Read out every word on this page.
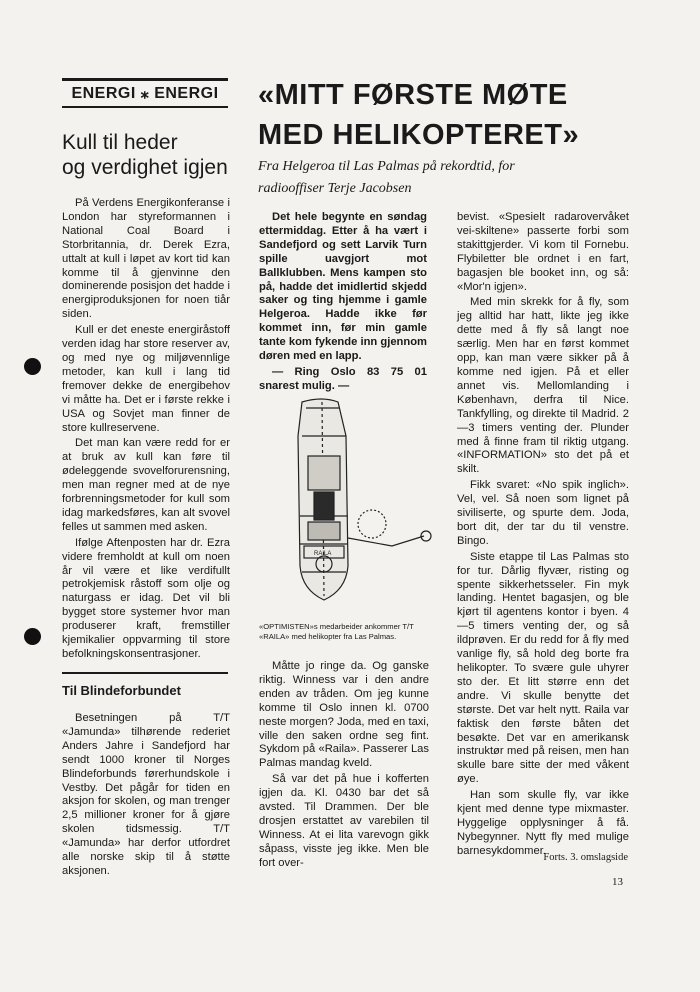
ENERGI ⁎ ENERGI
Kull til heder
og verdighet igjen

På Verdens Energikonferanse i London har styreformannen i National Coal Board i Storbritannia, dr. Derek Ezra, uttalt at kull i løpet av kort tid kan komme til å gjenvinne den dominerende posisjon det hadde i energiproduksjonen for noen tiår siden.

Kull er det eneste energiråstoff verden idag har store reserver av, og med nye og miljøvennlige metoder, kan kull i lang tid fremover dekke de energibehov vi måtte ha. Det er i første rekke i USA og Sovjet man finner de store kullreservene.

Det man kan være redd for er at bruk av kull kan føre til ødeleggende svovelforurensning, men man regner med at de nye forbrenningsmetoder for kull som idag markedsføres, kan alt svovel felles ut sammen med asken.

Ifølge Aftenposten har dr. Ezra videre fremholdt at kull om noen år vil være et like verdifullt petrokjemisk råstoff som olje og naturgass er idag. Det vil bli bygget store systemer hvor man produserer kraft, fremstiller kjemikalier oppvarming til store befolkningskonsentrasjoner.

Til Blindeforbundet

Besetningen på T/T «Jamunda» tilhørende rederiet Anders Jahre i Sandefjord har sendt 1000 kroner til Norges Blindeforbunds førerhundskole i Vestby. Det pågår for tiden en aksjon for skolen, og man trenger 2,5 millioner kroner for å gjøre skolen tidsmessig. T/T «Jamunda» har derfor utfordret alle norske skip til å støtte aksjonen.

«MITT FØRSTE MØTE
MED HELIKOPTERET»
Fra Helgeroa til Las Palmas på rekordtid, for
radiooffiser Terje Jacobsen

Det hele begynte en søndag ettermiddag. Etter å ha vært i Sandefjord og sett Larvik Turn spille uavgjort mot Ballklubben. Mens kampen sto på, hadde det imidlertid skjedd saker og ting hjemme i gamle Helgeroa. Hadde ikke før kommet inn, før min gamle tante kom fykende inn gjennom døren med en lapp.

— Ring Oslo 83 75 01 snarest mulig. —

RAILA
«OPTIMISTEN»s medarbeider ankommer T/T «RAILA» med helikopter fra Las Palmas.

Måtte jo ringe da. Og ganske riktig. Winness var i den andre enden av tråden. Om jeg kunne komme til Oslo innen kl. 0700 neste morgen? Joda, med en taxi, ville den saken ordne seg fint. Sykdom på «Raila». Passerer Las Palmas mandag kveld.

Så var det på hue i kofferten igjen da. Kl. 0430 bar det så avsted. Til Drammen. Der ble drosjen erstattet av varebilen til Winness. At ei lita varevogn gikk såpass, visste jeg ikke. Men ble fort over-

bevist. «Spesielt radarovervåket vei-skiltene» passerte forbi som stakittgjerder. Vi kom til Fornebu. Flybiletter ble ordnet i en fart, bagasjen ble booket inn, og så: «Mor'n igjen».

Med min skrekk for å fly, som jeg alltid har hatt, likte jeg ikke dette med å fly så langt noe særlig. Men har en først kommet opp, kan man være sikker på å komme ned igjen. På et eller annet vis. Mellomlanding i København, derfra til Nice. Tankfylling, og direkte til Madrid. 2—3 timers venting der. Plunder med å finne fram til riktig utgang. «INFORMATION» sto det på et skilt.

Fikk svaret: «No spik inglich». Vel, vel. Så noen som lignet på siviliserte, og spurte dem. Joda, bort dit, der tar du til venstre. Bingo.

Siste etappe til Las Palmas sto for tur. Dårlig flyvær, risting og spente sikkerhetsseler. Fin myk landing. Hentet bagasjen, og ble kjørt til agentens kontor i byen. 4—5 timers venting der, og så ildprøven. Er du redd for å fly med vanlige fly, så hold deg borte fra helikopter. To svære gule uhyrer sto der. Et litt større enn det andre. Vi skulle benytte det største. Det var helt nytt. Raila var faktisk den første båten det besøkte. Det var en amerikansk instruktør med på reisen, men han skulle bare sitte der med våkent øye.

Han som skulle fly, var ikke kjent med denne type mixmaster. Hyggelige opplysninger å få. Nybegynner. Nytt fly med mulige barnesykdommer.

Forts. 3. omslagside
13
